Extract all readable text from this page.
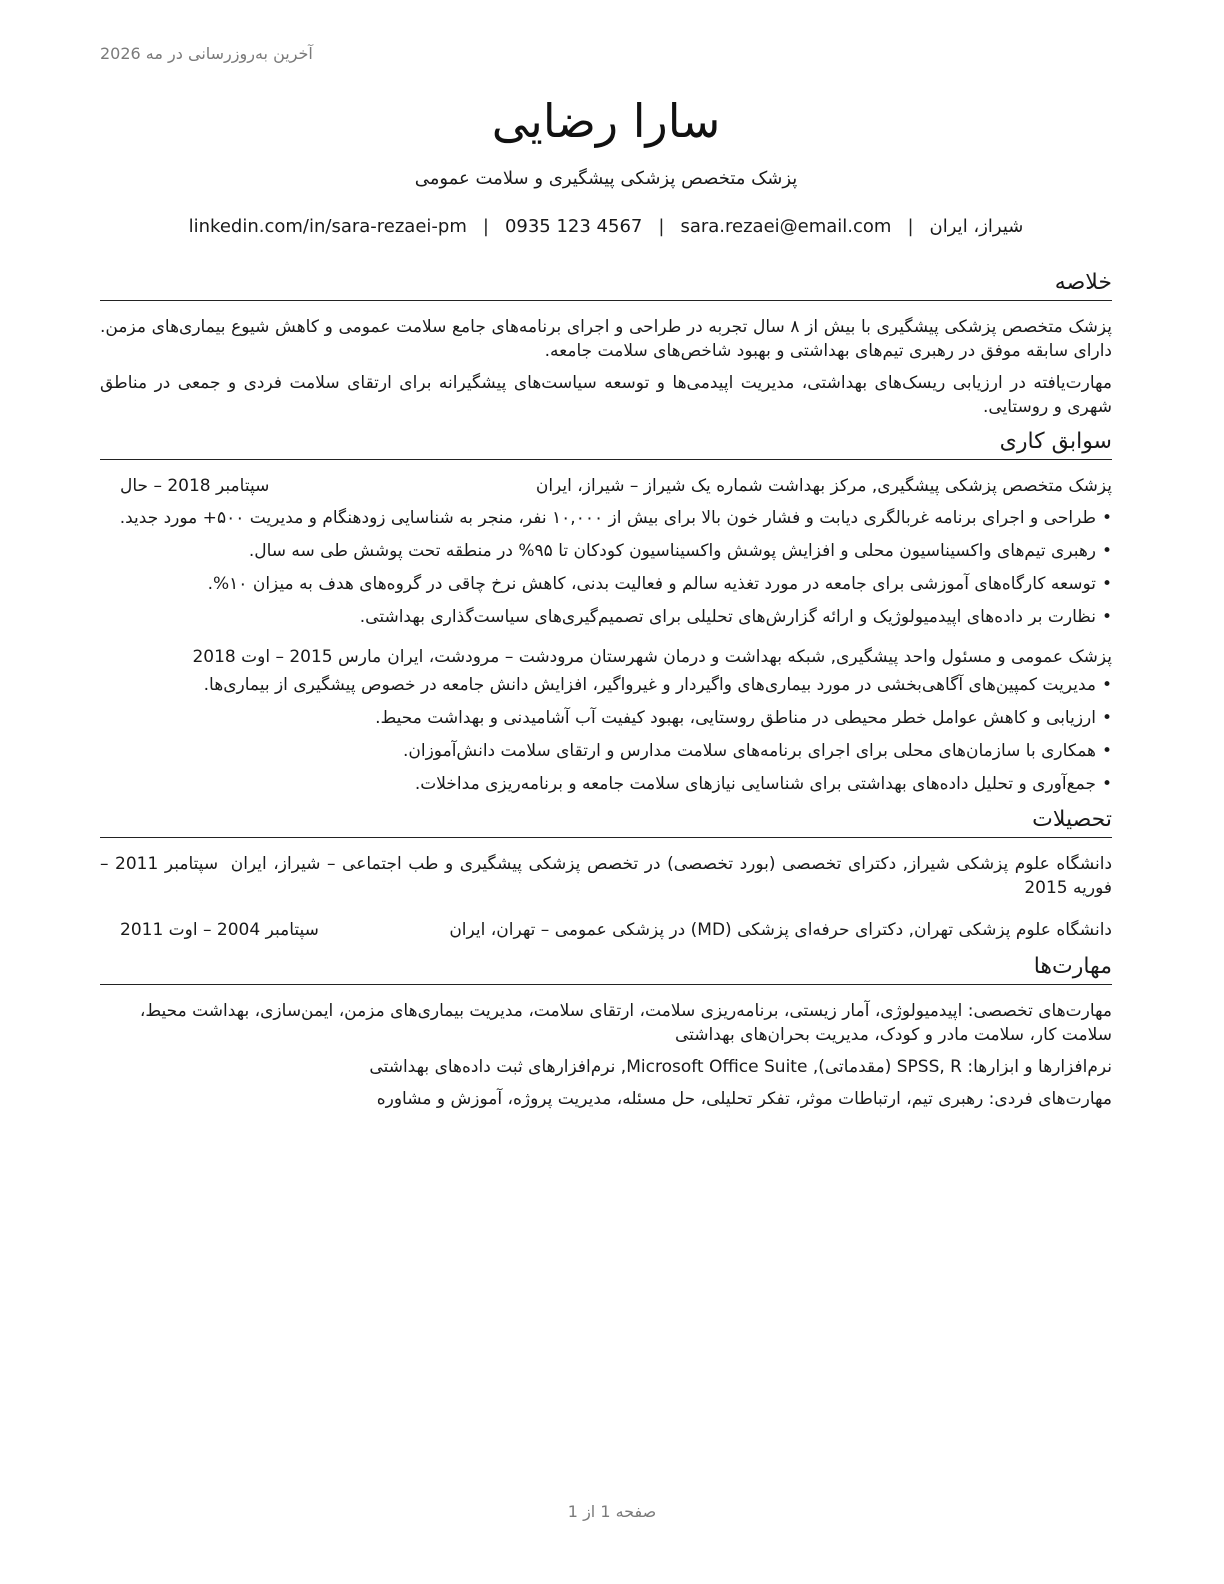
آخرین به‌روزرسانی در مه 2026
سارا رضایی
پزشک متخصص پزشکی پیشگیری و سلامت عمومی
شیراز، ایران
|
sara.rezaei@email.com
|
0935 123 4567
|
linkedin.com/in/sara-rezaei-pm
خلاصه

پزشک متخصص پزشکی پیشگیری با بیش از ۸ سال تجربه در طراحی و اجرای برنامه‌های جامع سلامت عمومی و کاهش شیوع بیماری‌های مزمن. دارای سابقه موفق در رهبری تیم‌های بهداشتی و بهبود شاخص‌های سلامت جامعه.

مهارت‌یافته در ارزیابی ریسک‌های بهداشتی، مدیریت اپیدمی‌ها و توسعه سیاست‌های پیشگیرانه برای ارتقای سلامت فردی و جمعی در مناطق شهری و روستایی.

سوابق کاری
پزشک متخصص پزشکی پیشگیری, مرکز بهداشت شماره یک شیراز – شیراز، ایران
سپتامبر 2018 – حال
• طراحی و اجرای برنامه غربالگری دیابت و فشار خون بالا برای بیش از ۱۰,۰۰۰ نفر، منجر به شناسایی زودهنگام و مدیریت ۵۰۰+ مورد جدید.
• رهبری تیم‌های واکسیناسیون محلی و افزایش پوشش واکسیناسیون کودکان تا ۹۵% در منطقه تحت پوشش طی سه سال.
• توسعه کارگاه‌های آموزشی برای جامعه در مورد تغذیه سالم و فعالیت بدنی، کاهش نرخ چاقی در گروه‌های هدف به میزان ۱۰%.
• نظارت بر داده‌های اپیدمیولوژیک و ارائه گزارش‌های تحلیلی برای تصمیم‌گیری‌های سیاست‌گذاری بهداشتی.
پزشک عمومی و مسئول واحد پیشگیری, شبکه بهداشت و درمان شهرستان مرودشت – مرودشت، ایران
مارس 2015 – اوت 2018
• مدیریت کمپین‌های آگاهی‌بخشی در مورد بیماری‌های واگیردار و غیرواگیر، افزایش دانش جامعه در خصوص پیشگیری از بیماری‌ها.
• ارزیابی و کاهش عوامل خطر محیطی در مناطق روستایی، بهبود کیفیت آب آشامیدنی و بهداشت محیط.
• همکاری با سازمان‌های محلی برای اجرای برنامه‌های سلامت مدارس و ارتقای سلامت دانش‌آموزان.
• جمع‌آوری و تحلیل داده‌های بهداشتی برای شناسایی نیازهای سلامت جامعه و برنامه‌ریزی مداخلات.
تحصیلات
دانشگاه علوم پزشکی شیراز, دکترای تخصصی (بورد تخصصی) در تخصص پزشکی پیشگیری و طب اجتماعی – شیراز، ایران سپتامبر 2011 – فوریه 2015
دانشگاه علوم پزشکی تهران, دکترای حرفه‌ای پزشکی (MD) در پزشکی عمومی – تهران، ایران
سپتامبر 2004 – اوت 2011
مهارت‌ها

مهارت‌های تخصصی: اپیدمیولوژی، آمار زیستی، برنامه‌ریزی سلامت، ارتقای سلامت، مدیریت بیماری‌های مزمن، ایمن‌سازی، بهداشت محیط، سلامت کار، سلامت مادر و کودک، مدیریت بحران‌های بهداشتی

نرم‌افزارها و ابزارها: SPSS, R (مقدماتی), Microsoft Office Suite, نرم‌افزارهای ثبت داده‌های بهداشتی

مهارت‌های فردی: رهبری تیم، ارتباطات موثر، تفکر تحلیلی، حل مسئله، مدیریت پروژه، آموزش و مشاوره

صفحه 1 از 1
